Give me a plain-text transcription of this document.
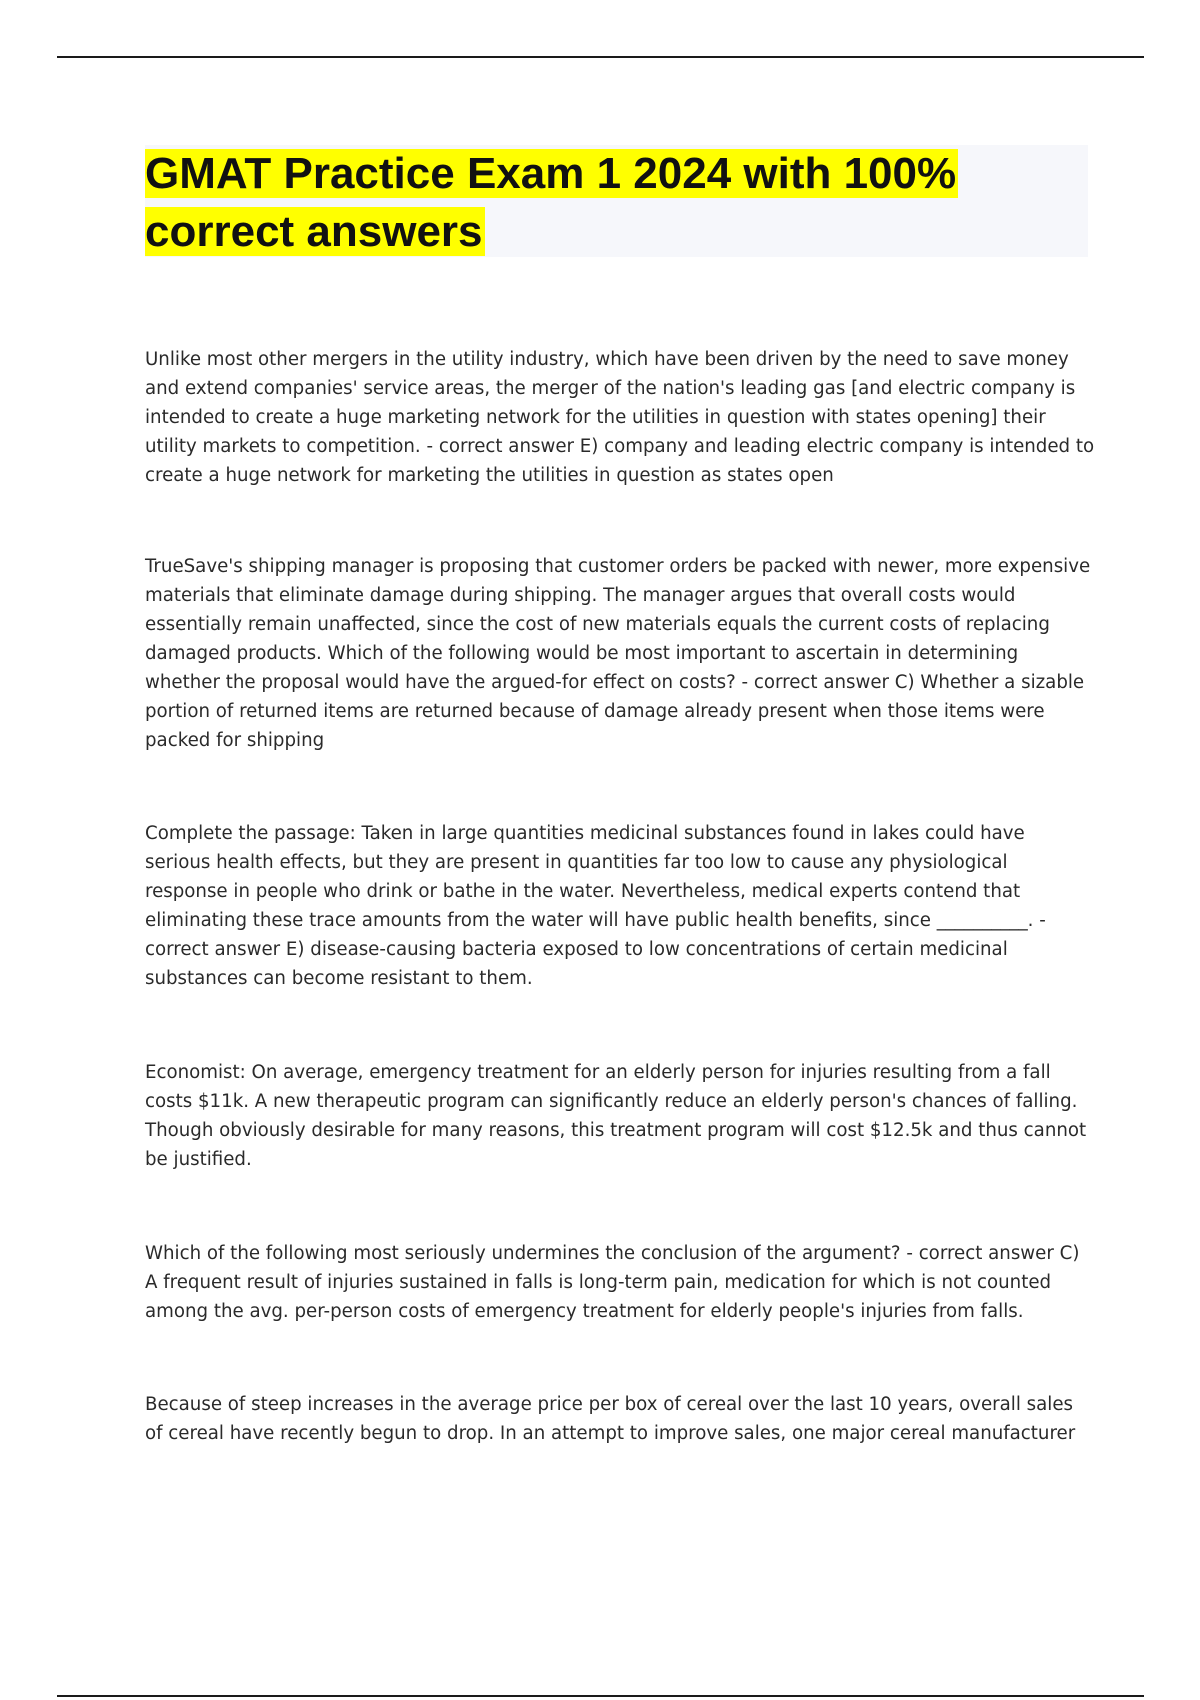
GMAT Practice Exam 1 2024 with 100%
correct answers

Unlike most other mergers in the utility industry, which have been driven by the need to save money and extend companies' service areas, the merger of the nation's leading gas [and electric company is intended to create a huge marketing network for the utilities in question with states opening] their utility markets to competition. - correct answer E) company and leading electric company is intended to create a huge network for marketing the utilities in question as states open

TrueSave's shipping manager is proposing that customer orders be packed with newer, more expensive materials that eliminate damage during shipping. The manager argues that overall costs would essentially remain unaffected, since the cost of new materials equals the current costs of replacing damaged products. Which of the following would be most important to ascertain in determining whether the proposal would have the argued-for effect on costs? - correct answer C) Whether a sizable portion of returned items are returned because of damage already present when those items were packed for shipping

Complete the passage: Taken in large quantities medicinal substances found in lakes could have serious health effects, but they are present in quantities far too low to cause any physiological response in people who drink or bathe in the water. Nevertheless, medical experts contend that eliminating these trace amounts from the water will have public health benefits, since __________. - correct answer E) disease-causing bacteria exposed to low concentrations of certain medicinal substances can become resistant to them.

Economist: On average, emergency treatment for an elderly person for injuries resulting from a fall costs $11k. A new therapeutic program can significantly reduce an elderly person's chances of falling. Though obviously desirable for many reasons, this treatment program will cost $12.5k and thus cannot be justified.

Which of the following most seriously undermines the conclusion of the argument? - correct answer C) A frequent result of injuries sustained in falls is long-term pain, medication for which is not counted among the avg. per-person costs of emergency treatment for elderly people's injuries from falls.

Because of steep increases in the average price per box of cereal over the last 10 years, overall sales of cereal have recently begun to drop. In an attempt to improve sales, one major cereal manufacturer
